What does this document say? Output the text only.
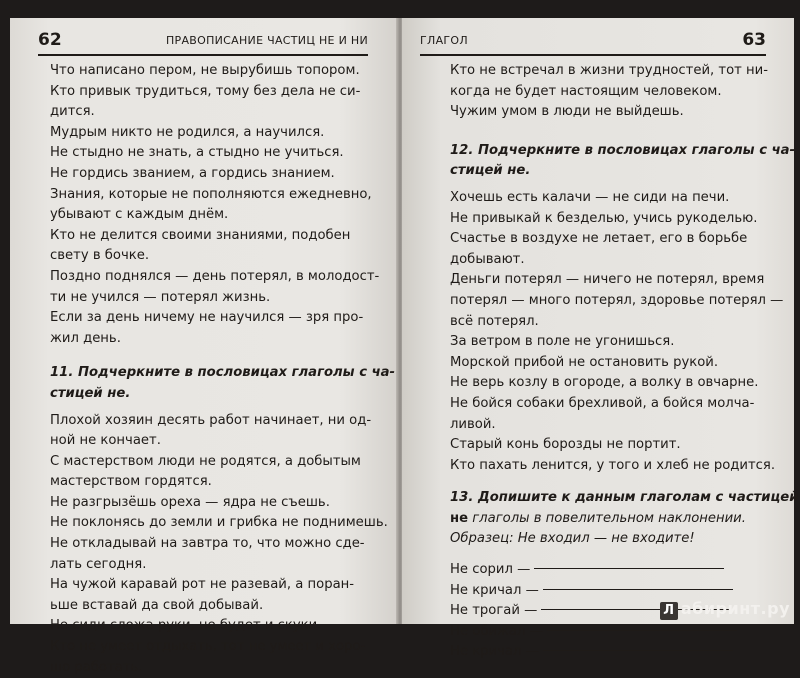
62	ПРАВОПИСАНИЕ ЧАСТИЦ НЕ И НИ
Что написано пером, не вырубишь топором.
Кто привык трудиться, тому без дела не си-
дится.
Мудрым никто не родился, а научился.
Не стыдно не знать, а стыдно не учиться.
Не гордись званием, а гордись знанием.
Знания, которые не пополняются ежедневно,
убывают с каждым днём.
Кто не делится своими знаниями, подобен
свету в бочке.
Поздно поднялся — день потерял, в молодост-
ти не учился — потерял жизнь.
Если за день ничему не научился — зря про-
жил день.
11. Подчеркните в пословицах глаголы с ча-
стицей не.
Плохой хозяин десять работ начинает, ни од-
ной не кончает.
С мастерством люди не родятся, а добытым
мастерством гордятся.
Не разгрызёшь ореха — ядра не съешь.
Не поклонясь до земли и грибка не поднимешь.
Не откладывай на завтра то, что можно сде-
лать сегодня.
На чужой каравай рот не разевай, а поран-
ьше вставай да свой добывай.
Не сиди сложа руки, не будет и скуки.
Кто не умеет отдыхать, тот не умеет и хоро-
шо работать.
ГЛАГОЛ	63
Кто не встречал в жизни трудностей, тот ни-
когда не будет настоящим человеком.
Чужим умом в люди не выйдешь.
12. Подчеркните в пословицах глаголы с ча-
стицей не.
Хочешь есть калачи — не сиди на печи.
Не привыкай к безделью, учись рукоделью.
Счастье в воздухе не летает, его в борьбе
добывают.
Деньги потерял — ничего не потерял, время
потерял — много потерял, здоровье потерял —
всё потерял.
За ветром в поле не угонишься.
Морской прибой не остановить рукой.
Не верь козлу в огороде, а волку в овчарне.
Не бойся собаки брехливой, а бойся молча-
ливой.
Старый конь борозды не портит.
Кто пахать ленится, у того и хлеб не родится.
13. Допишите к данным глаголам с частицей
не глаголы в повелительном наклонении.
Образец: Не входил — не входите!
Не сорил —
Не кричал —
Не трогай —
Не обижал —
Не кричал —
Л абиринт.ру
